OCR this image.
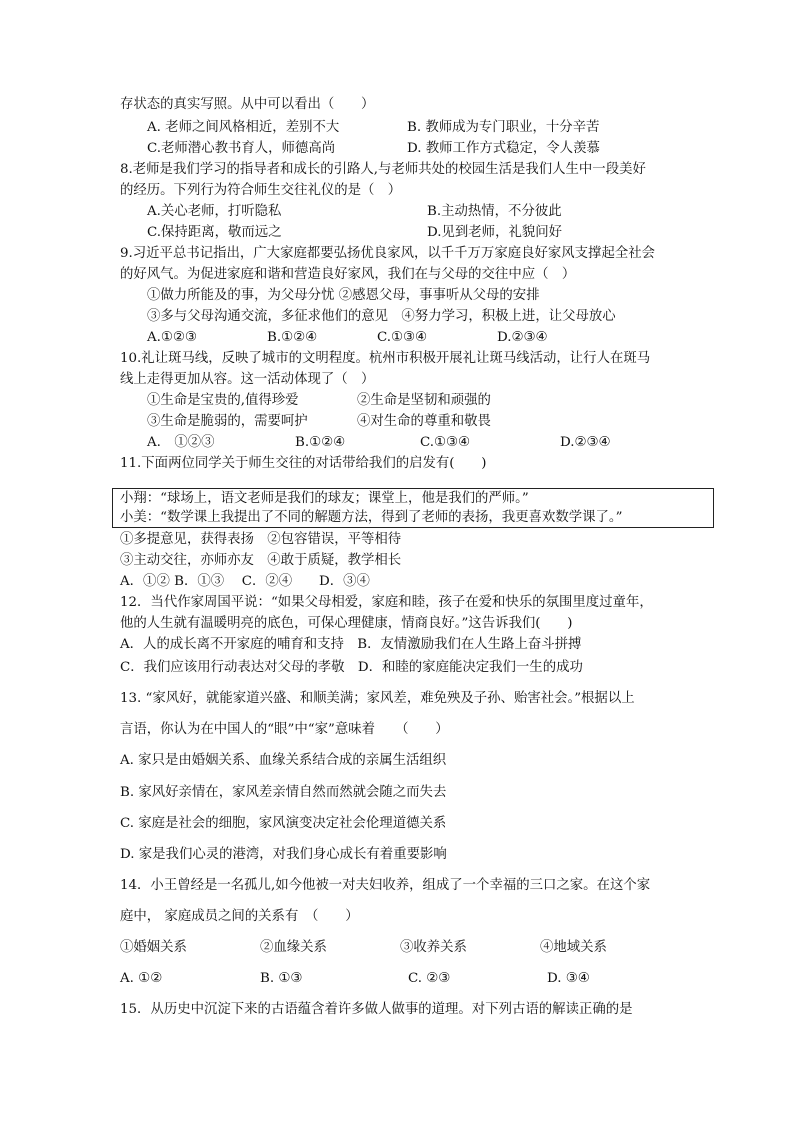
存状态的真实写照。从中可以看出（　　）
A. 老师之间风格相近，差别不大	B. 教师成为专门职业，十分辛苦
C.老师潜心教书育人，师德高尚	D. 教师工作方式稳定，令人羡慕
8.老师是我们学习的指导者和成长的引路人,与老师共处的校园生活是我们人生中一段美好
的经历。下列行为符合师生交往礼仪的是（　）
A.关心老师，打听隐私	B.主动热情，不分彼此
C.保持距离，敬而远之	D.见到老师，礼貌问好
9.习近平总书记指出，广大家庭都要弘扬优良家风，以千千万万家庭良好家风支撑起全社会
的好风气。为促进家庭和谐和营造良好家风，我们在与父母的交往中应（　）
①做力所能及的事，为父母分忧 ②感恩父母，事事听从父母的安排
③多与父母沟通交流，多征求他们的意见　④努力学习，积极上进，让父母放心
A.①②③	B.①②④	C.①③④	D.②③④
10.礼让斑马线，反映了城市的文明程度。杭州市积极开展礼让斑马线活动，让行人在斑马
线上走得更加从容。这一活动体现了（　）
①生命是宝贵的,值得珍爱	②生命是坚韧和顽强的
③生命是脆弱的，需要呵护	④对生命的尊重和敬畏
A.　①②③	B.①②④	C.①③④	D.②③④
11.下面两位同学关于师生交往的对话带给我们的启发有(　　)
小翔：“球场上，语文老师是我们的球友；课堂上，他是我们的严师。”
小美：“数学课上我提出了不同的解题方法，得到了老师的表扬，我更喜欢数学课了。”
①多提意见，获得表扬　②包容错误，平等相待
③主动交往，亦师亦友　④敢于质疑，教学相长
A．①② B．①③　 C．②④　　D．③④
12．当代作家周国平说：“如果父母相爱，家庭和睦，孩子在爱和快乐的氛围里度过童年，
他的人生就有温暖明亮的底色，可保心理健康，情商良好。”这告诉我们(　　)
A．人的成长离不开家庭的哺育和支持　B．友情激励我们在人生路上奋斗拼搏
C．我们应该用行动表达对父母的孝敬　D．和睦的家庭能决定我们一生的成功
13. “家风好，就能家道兴盛、和顺美满；家风差，难免殃及子孙、贻害社会。”根据以上
言语，你认为在中国人的“眼”中“家”意味着　　（　　）
A. 家只是由婚姻关系、血缘关系结合成的亲属生活组织
B. 家风好亲情在，家风差亲情自然而然就会随之而失去
C. 家庭是社会的细胞，家风演变决定社会伦理道德关系
D. 家是我们心灵的港湾，对我们身心成长有着重要影响
14．小王曾经是一名孤儿,如今他被一对夫妇收养，组成了一个幸福的三口之家。在这个家
庭中， 家庭成员之间的关系有　（　　）
①婚姻关系	②血缘关系	③收养关系	④地域关系
A. ①②	B. ①③	C. ②③	D. ③④
15．从历史中沉淀下来的古语蕴含着许多做人做事的道理。对下列古语的解读正确的是
